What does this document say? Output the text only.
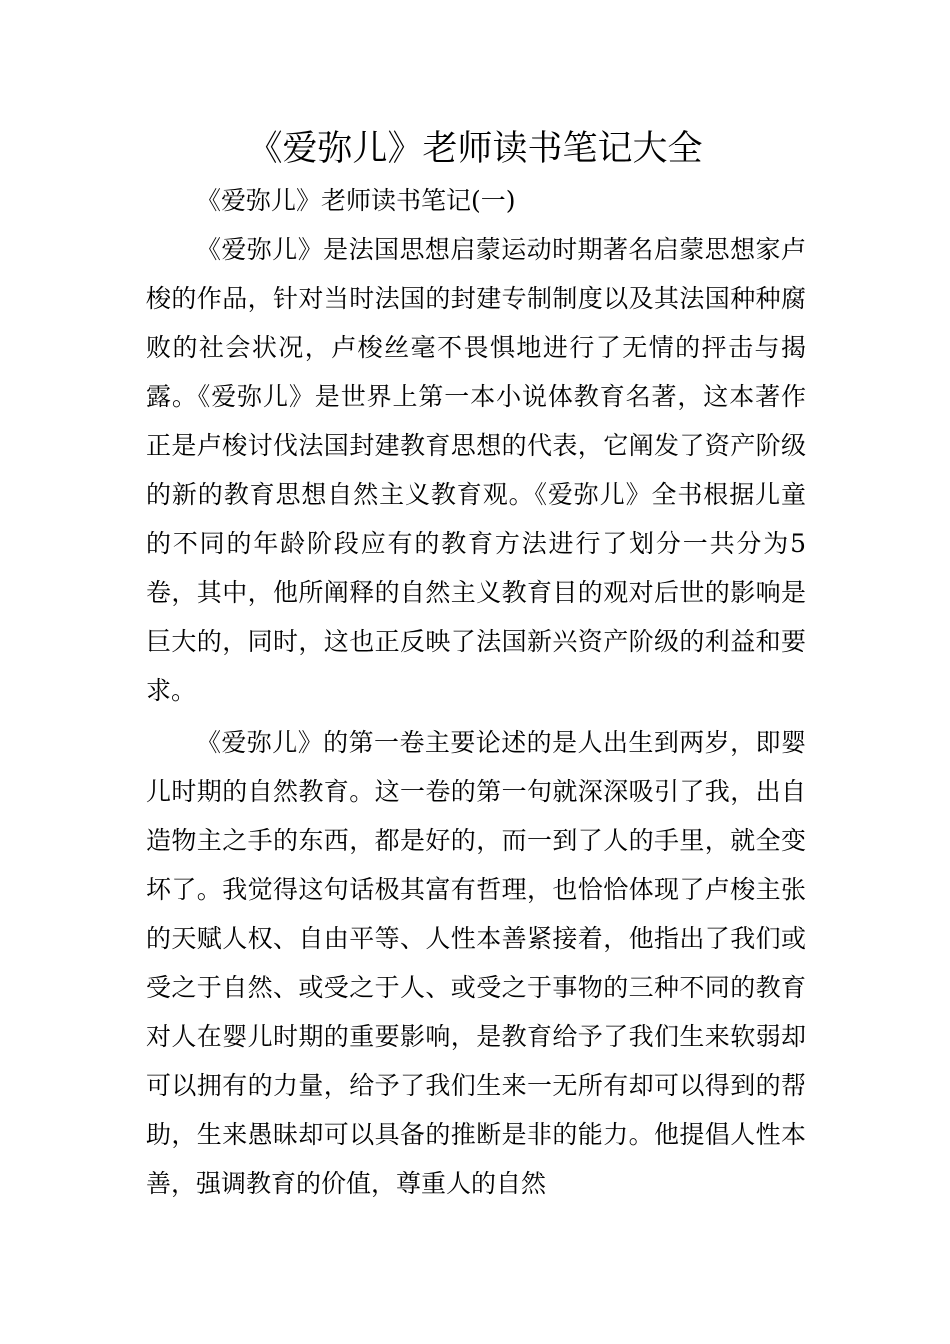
《爱弥儿》老师读书笔记大全

《爱弥儿》老师读书笔记(一)

《爱弥儿》是法国思想启蒙运动时期著名启蒙思想家卢梭的作品，针对当时法国的封建专制制度以及其法国种种腐败的社会状况，卢梭丝毫不畏惧地进行了无情的抨击与揭露。《爱弥儿》是世界上第一本小说体教育名著，这本著作正是卢梭讨伐法国封建教育思想的代表，它阐发了资产阶级的新的教育思想自然主义教育观。《爱弥儿》全书根据儿童的不同的年龄阶段应有的教育方法进行了划分一共分为5卷，其中，他所阐释的自然主义教育目的观对后世的影响是巨大的，同时，这也正反映了法国新兴资产阶级的利益和要求。

《爱弥儿》的第一卷主要论述的是人出生到两岁，即婴儿时期的自然教育。这一卷的第一句就深深吸引了我，出自造物主之手的东西，都是好的，而一到了人的手里，就全变坏了。我觉得这句话极其富有哲理，也恰恰体现了卢梭主张的天赋人权、自由平等、人性本善紧接着，他指出了我们或受之于自然、或受之于人、或受之于事物的三种不同的教育对人在婴儿时期的重要影响，是教育给予了我们生来软弱却可以拥有的力量，给予了我们生来一无所有却可以得到的帮助，生来愚昧却可以具备的推断是非的能力。他提倡人性本善，强调教育的价值，尊重人的自然
